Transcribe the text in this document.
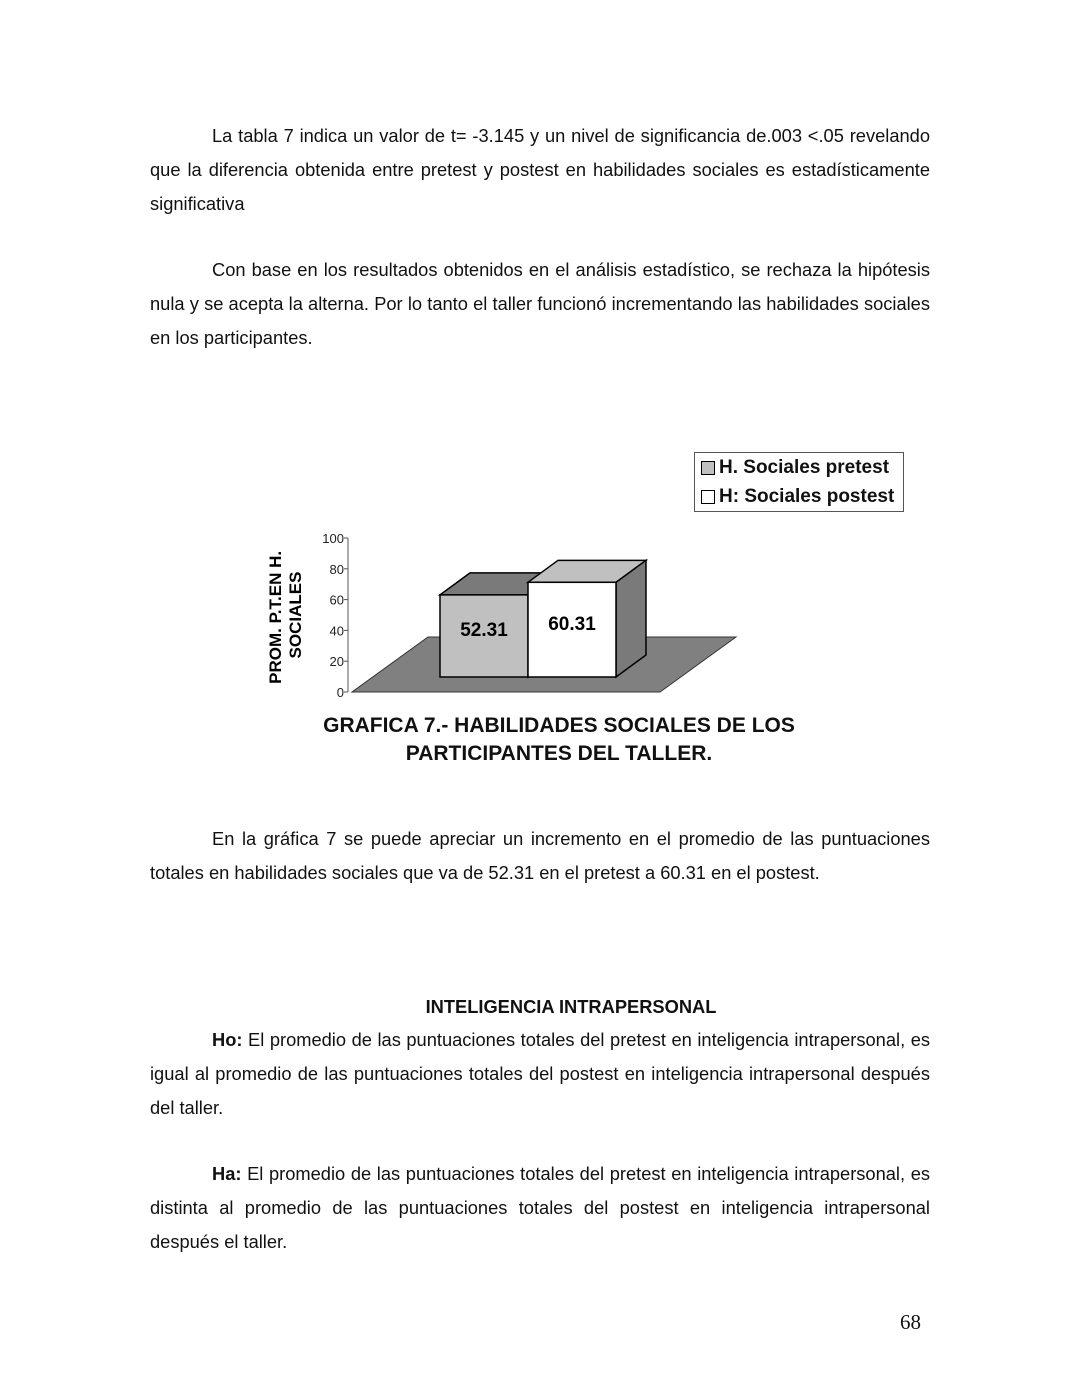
La tabla 7 indica un valor de t= -3.145 y un nivel de significancia de.003 <.05 revelando que la diferencia obtenida entre pretest y postest en habilidades sociales es estadísticamente significativa
Con base en los resultados obtenidos en el análisis estadístico, se rechaza la hipótesis nula y se acepta la alterna. Por lo tanto el taller funcionó incrementando las habilidades sociales en los participantes.
H. Sociales pretest
H: Sociales postest
0
20
40
60
80
100
52.31 60.31
PROM. P.T.EN H. SOCIALES
GRAFICA 7.- HABILIDADES SOCIALES DE LOS PARTICIPANTES DEL TALLER.
En la gráfica 7 se puede apreciar un incremento en el promedio de las puntuaciones totales en habilidades sociales que va de 52.31 en el pretest a 60.31 en el postest.
INTELIGENCIA INTRAPERSONAL
Ho: El promedio de las puntuaciones totales del pretest en inteligencia intrapersonal, es igual al promedio de las puntuaciones totales del postest en inteligencia intrapersonal después del taller.
Ha: El promedio de las puntuaciones totales del pretest en inteligencia intrapersonal, es distinta al promedio de las puntuaciones totales del postest en inteligencia intrapersonal después el taller.
68
